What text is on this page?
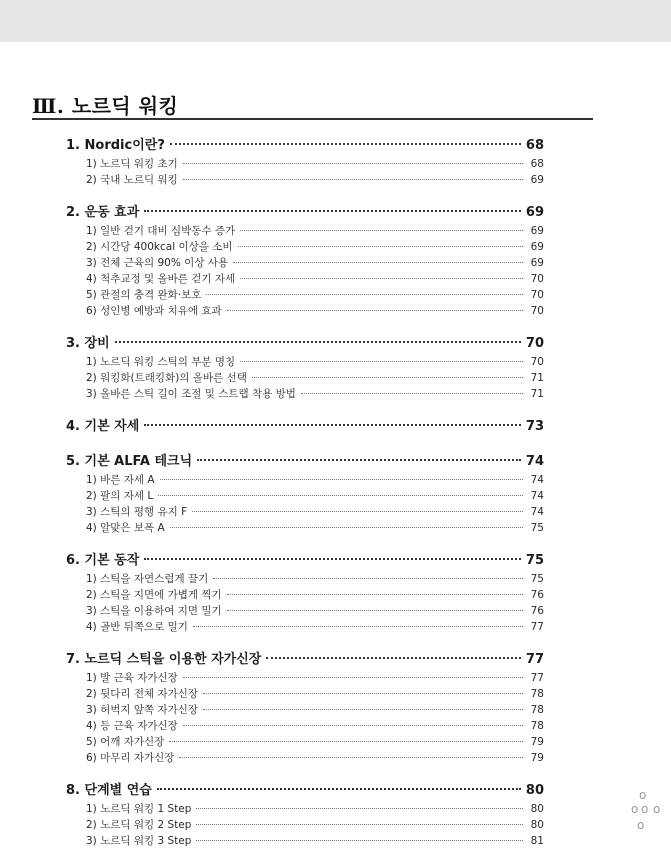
Ⅲ. 노르딕 워킹
1. Nordic이란?	68
1) 노르딕 워킹 초기	68
2) 국내 노르딕 워킹	69
2. 운동 효과	69
1) 일반 걷기 대비 심박동수 증가	69
2) 시간당 400kcal 이상을 소비	69
3) 전체 근육의 90% 이상 사용	69
4) 척추교정 및 올바른 걷기 자세	70
5) 관절의 충격 완화·보호	70
6) 성인병 예방과 치유에 효과	70
3. 장비	70
1) 노르딕 워킹 스틱의 부분 명칭	70
2) 워킹화(트래킹화)의 올바른 선택	71
3) 올바른 스틱 길이 조절 및 스트랩 착용 방법	71
4. 기본 자세	73
5. 기본 ALFA 테크닉	74
1) 바른 자세 A	74
2) 팔의 자세 L	74
3) 스틱의 평행 유지 F	74
4) 알맞은 보폭 A	75
6. 기본 동작	75
1) 스틱을 자연스럽게 끌기	75
2) 스틱을 지면에 가볍게 찍기	76
3) 스틱을 이용하여 지면 밀기	76
4) 골반 뒤쪽으로 밀기	77
7. 노르딕 스틱을 이용한 자가신장	77
1) 발 근육 자가신장	77
2) 뒷다리 전체 자가신장	78
3) 허벅지 앞쪽 자가신장	78
4) 등 근육 자가신장	78
5) 어깨 자가신장	79
6) 마무리 자가신장	79
8. 단계별 연습	80
1) 노르딕 워킹 1 Step	80
2) 노르딕 워킹 2 Step	80
3) 노르딕 워킹 3 Step	81
o
o o o
o
